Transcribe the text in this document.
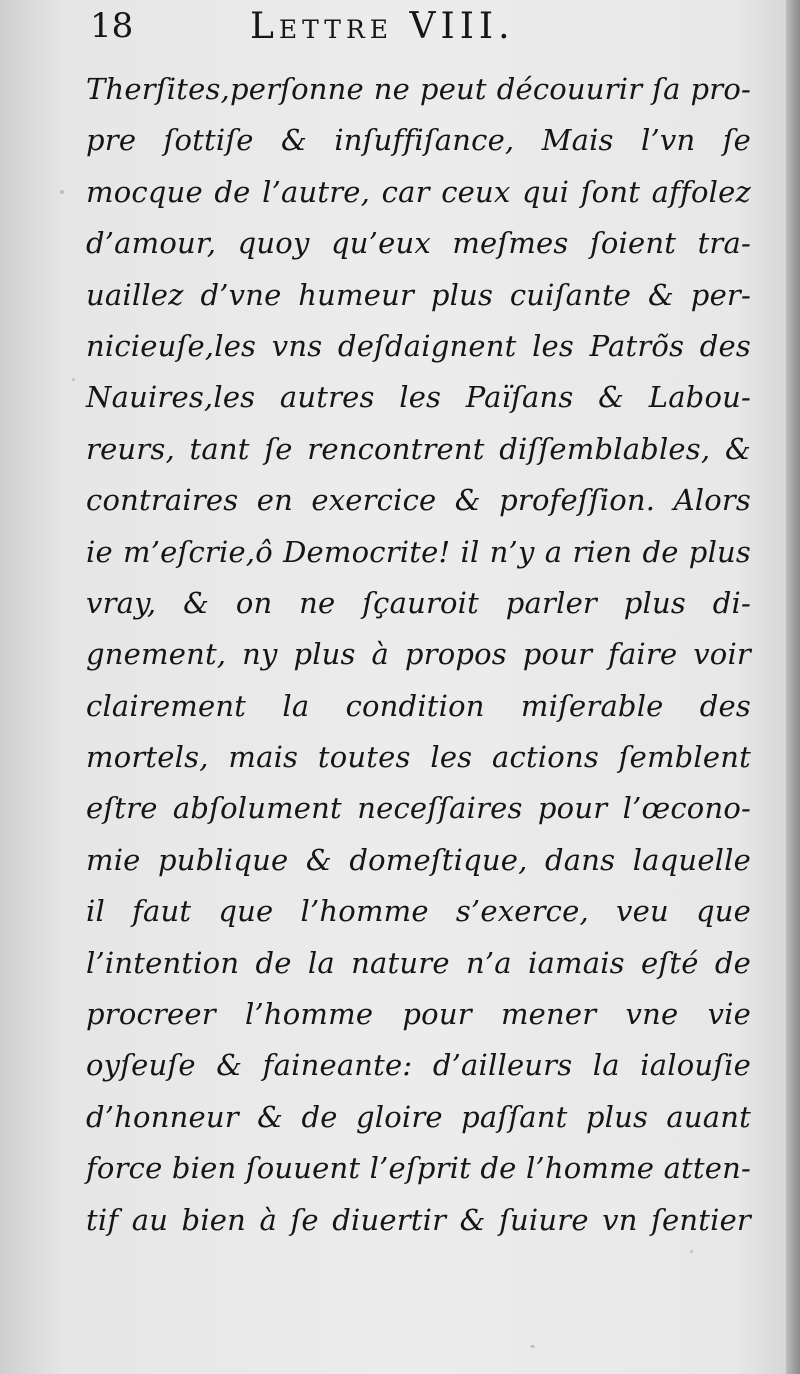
18	Lettre VIII.
Therſites,perſonne ne peut découurir ſa pro-
pre ſottiſe & inſuffiſance, Mais l’vn ſe
mocque de l’autre, car ceux qui ſont affolez
d’amour, quoy qu’eux meſmes ſoient tra-
uaillez d’vne humeur plus cuiſante & per-
nicieuſe,les vns deſdaignent les Patrõs des
Nauires,les autres les Païſans & Labou-
reurs, tant ſe rencontrent diſſemblables, &
contraires en exercice & profeſſion. Alors
ie m’eſcrie,ô Democrite! il n’y a rien de plus
vray, & on ne ſçauroit parler plus di-
gnement, ny plus à propos pour faire voir
clairement la condition miſerable des
mortels, mais toutes les actions ſemblent
eſtre abſolument neceſſaires pour l’œcono-
mie publique & domeſtique, dans laquelle
il faut que l’homme s’exerce, veu que
l’intention de la nature n’a iamais eſté de
procreer l’homme pour mener vne vie
oyſeuſe & faineante: d’ailleurs la ialouſie
d’honneur & de gloire paſſant plus auant
force bien ſouuent l’eſprit de l’homme atten-
tif au bien à ſe diuertir & ſuiure vn ſentier
